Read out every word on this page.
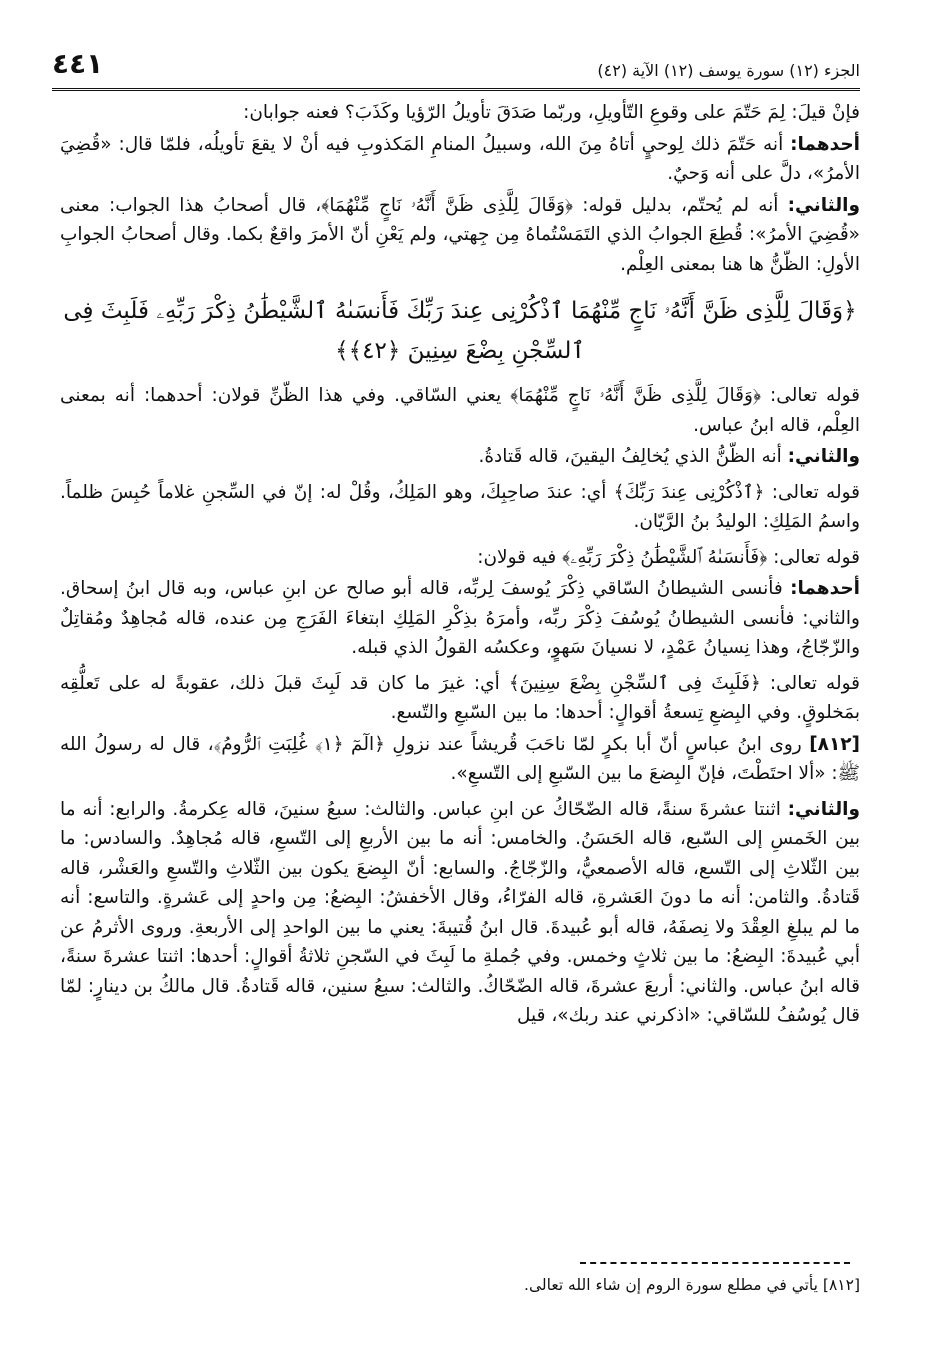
الجزء (١٢) سورة يوسف (١٢) الآية (٤٢)
٤٤١

فإنْ قيلَ: لِمَ حَتّمَ على وقوعِ التّأويلِ، وربّما صَدَقَ تأويلُ الرّؤيا وكَذَبَ؟ فعنه جوابان:

أحدهما: أنه حَتّمَ ذلك لِوحيٍ أتاهُ مِنَ الله، وسبيلُ المنامِ المَكذوبِ فيه أنْ لا يقعَ تأويلُه، فلمّا قال: «قُضِيَ الأمرُ»، دلَّ على أنه وَحيٌ.

والثاني: أنه لم يُحتّم، بدليل قوله: ﴿وَقَالَ لِلَّذِى ظَنَّ أَنَّهُۥ نَاجٍ مِّنْهُمَا﴾، قال أصحابُ هذا الجواب: معنى «قُضِيَ الأمرُ»: قُطِعَ الجوابُ الذي التَمَسْتُماهُ مِن جِهتي، ولم يَعْنِ أنّ الأمرَ واقعٌ بكما. وقال أصحابُ الجوابِ الأولِ: الظّنُّ ها هنا بمعنى العِلْم.

﴿وَقَالَ لِلَّذِى ظَنَّ أَنَّهُۥ نَاجٍ مِّنْهُمَا ٱذْكُرْنِى عِندَ رَبِّكَ فَأَنسَىٰهُ ٱلشَّيْطَٰنُ ذِكْرَ رَبِّهِۦ فَلَبِثَ فِى ٱلسِّجْنِ بِضْعَ سِنِينَ ﴿٤٢﴾﴾

قوله تعالى: ﴿وَقَالَ لِلَّذِى ظَنَّ أَنَّهُۥ نَاجٍ مِّنْهُمَا﴾ يعني السّاقي. وفي هذا الظّنِّ قولان: أحدهما: أنه بمعنى العِلْم، قاله ابنُ عباس.

والثاني: أنه الظّنُّ الذي يُخالِفُ اليقينَ، قاله قَتادةُ.

قوله تعالى: ﴿ٱذْكُرْنِى عِندَ رَبِّكَ﴾ أي: عندَ صاحِبِكَ، وهو المَلِكُ، وقُلْ له: إنّ في السِّجنِ غلاماً حُبِسَ ظلماً. واسمُ المَلِكِ: الوليدُ بنُ الرَّيّان.

قوله تعالى: ﴿فَأَنسَىٰهُ ٱلشَّيْطَٰنُ ذِكْرَ رَبِّهِۦ﴾ فيه قولان:

أحدهما: فأنسى الشيطانُ السّاقي ذِكْرَ يُوسفَ لِربِّه، قاله أبو صالح عن ابنِ عباس، وبه قال ابنُ إسحاق. والثاني: فأنسى الشيطانُ يُوسُفَ ذِكْرَ ربِّه، وأمرَهُ بذِكْرِ المَلِكِ ابتغاءَ الفَرَجِ مِن عنده، قاله مُجاهِدٌ ومُقاتِلٌ والزّجّاجُ، وهذا نِسيانُ عَمْدٍ، لا نسيانَ سَهوٍ، وعكسُه القولُ الذي قبله.

قوله تعالى: ﴿فَلَبِثَ فِى ٱلسِّجْنِ بِضْعَ سِنِينَ﴾ أي: غيرَ ما كان قد لَبِثَ قبلَ ذلك، عقوبةً له على تَعلُّقِه بمَخلوقٍ. وفي البِضعِ تِسعةُ أقوالٍ: أحدها: ما بين السّبعِ والتّسع.

[٨١٢] روى ابنُ عباسٍ أنّ أبا بكرٍ لمّا ناحَبَ قُريشاً عند نزولِ ﴿الٓمٓ ﴿١﴾ غُلِبَتِ ٱلرُّومُ﴾، قال له رسولُ الله ﷺ: «ألا احتَطْتَ، فإنّ البِضعَ ما بين السّبعِ إلى التّسعِ».

والثاني: اثنتا عشرةَ سنةً، قاله الضّحّاكُ عن ابنِ عباس. والثالث: سبعُ سنينَ، قاله عِكرمةُ. والرابع: أنه ما بين الخَمسِ إلى السّبع، قاله الحَسَنُ. والخامس: أنه ما بين الأربعِ إلى التّسعِ، قاله مُجاهِدٌ. والسادس: ما بين الثّلاثِ إلى التّسع، قاله الأصمعيُّ، والزّجّاجُ. والسابع: أنّ البِضعَ يكون بين الثّلاثِ والتّسعِ والعَشْر، قاله قَتادةُ. والثامن: أنه ما دونَ العَشرةِ، قاله الفرّاءُ، وقال الأخفشُ: البِضعُ: مِن واحدٍ إلى عَشرةٍ. والتاسع: أنه ما لم يبلغِ العِقْدَ ولا نِصفَهُ، قاله أبو عُبيدةَ. قال ابنُ قُتيبةَ: يعني ما بين الواحدِ إلى الأربعةِ. وروى الأثرمُ عن أبي عُبيدةَ: البِضعُ: ما بين ثلاثٍ وخمس. وفي جُملةِ ما لَبِثَ في السّجنِ ثلاثةُ أقوالٍ: أحدها: اثنتا عشرةَ سنةً، قاله ابنُ عباس. والثاني: أربعَ عشرةَ، قاله الضّحّاكُ. والثالث: سبعُ سنين، قاله قَتادةُ. قال مالكُ بن دينارٍ: لمّا قال يُوسُفُ للسّاقي: «اذكرني عند ربك»، قيل

[٨١٢] يأتي في مطلع سورة الروم إن شاء الله تعالى.
